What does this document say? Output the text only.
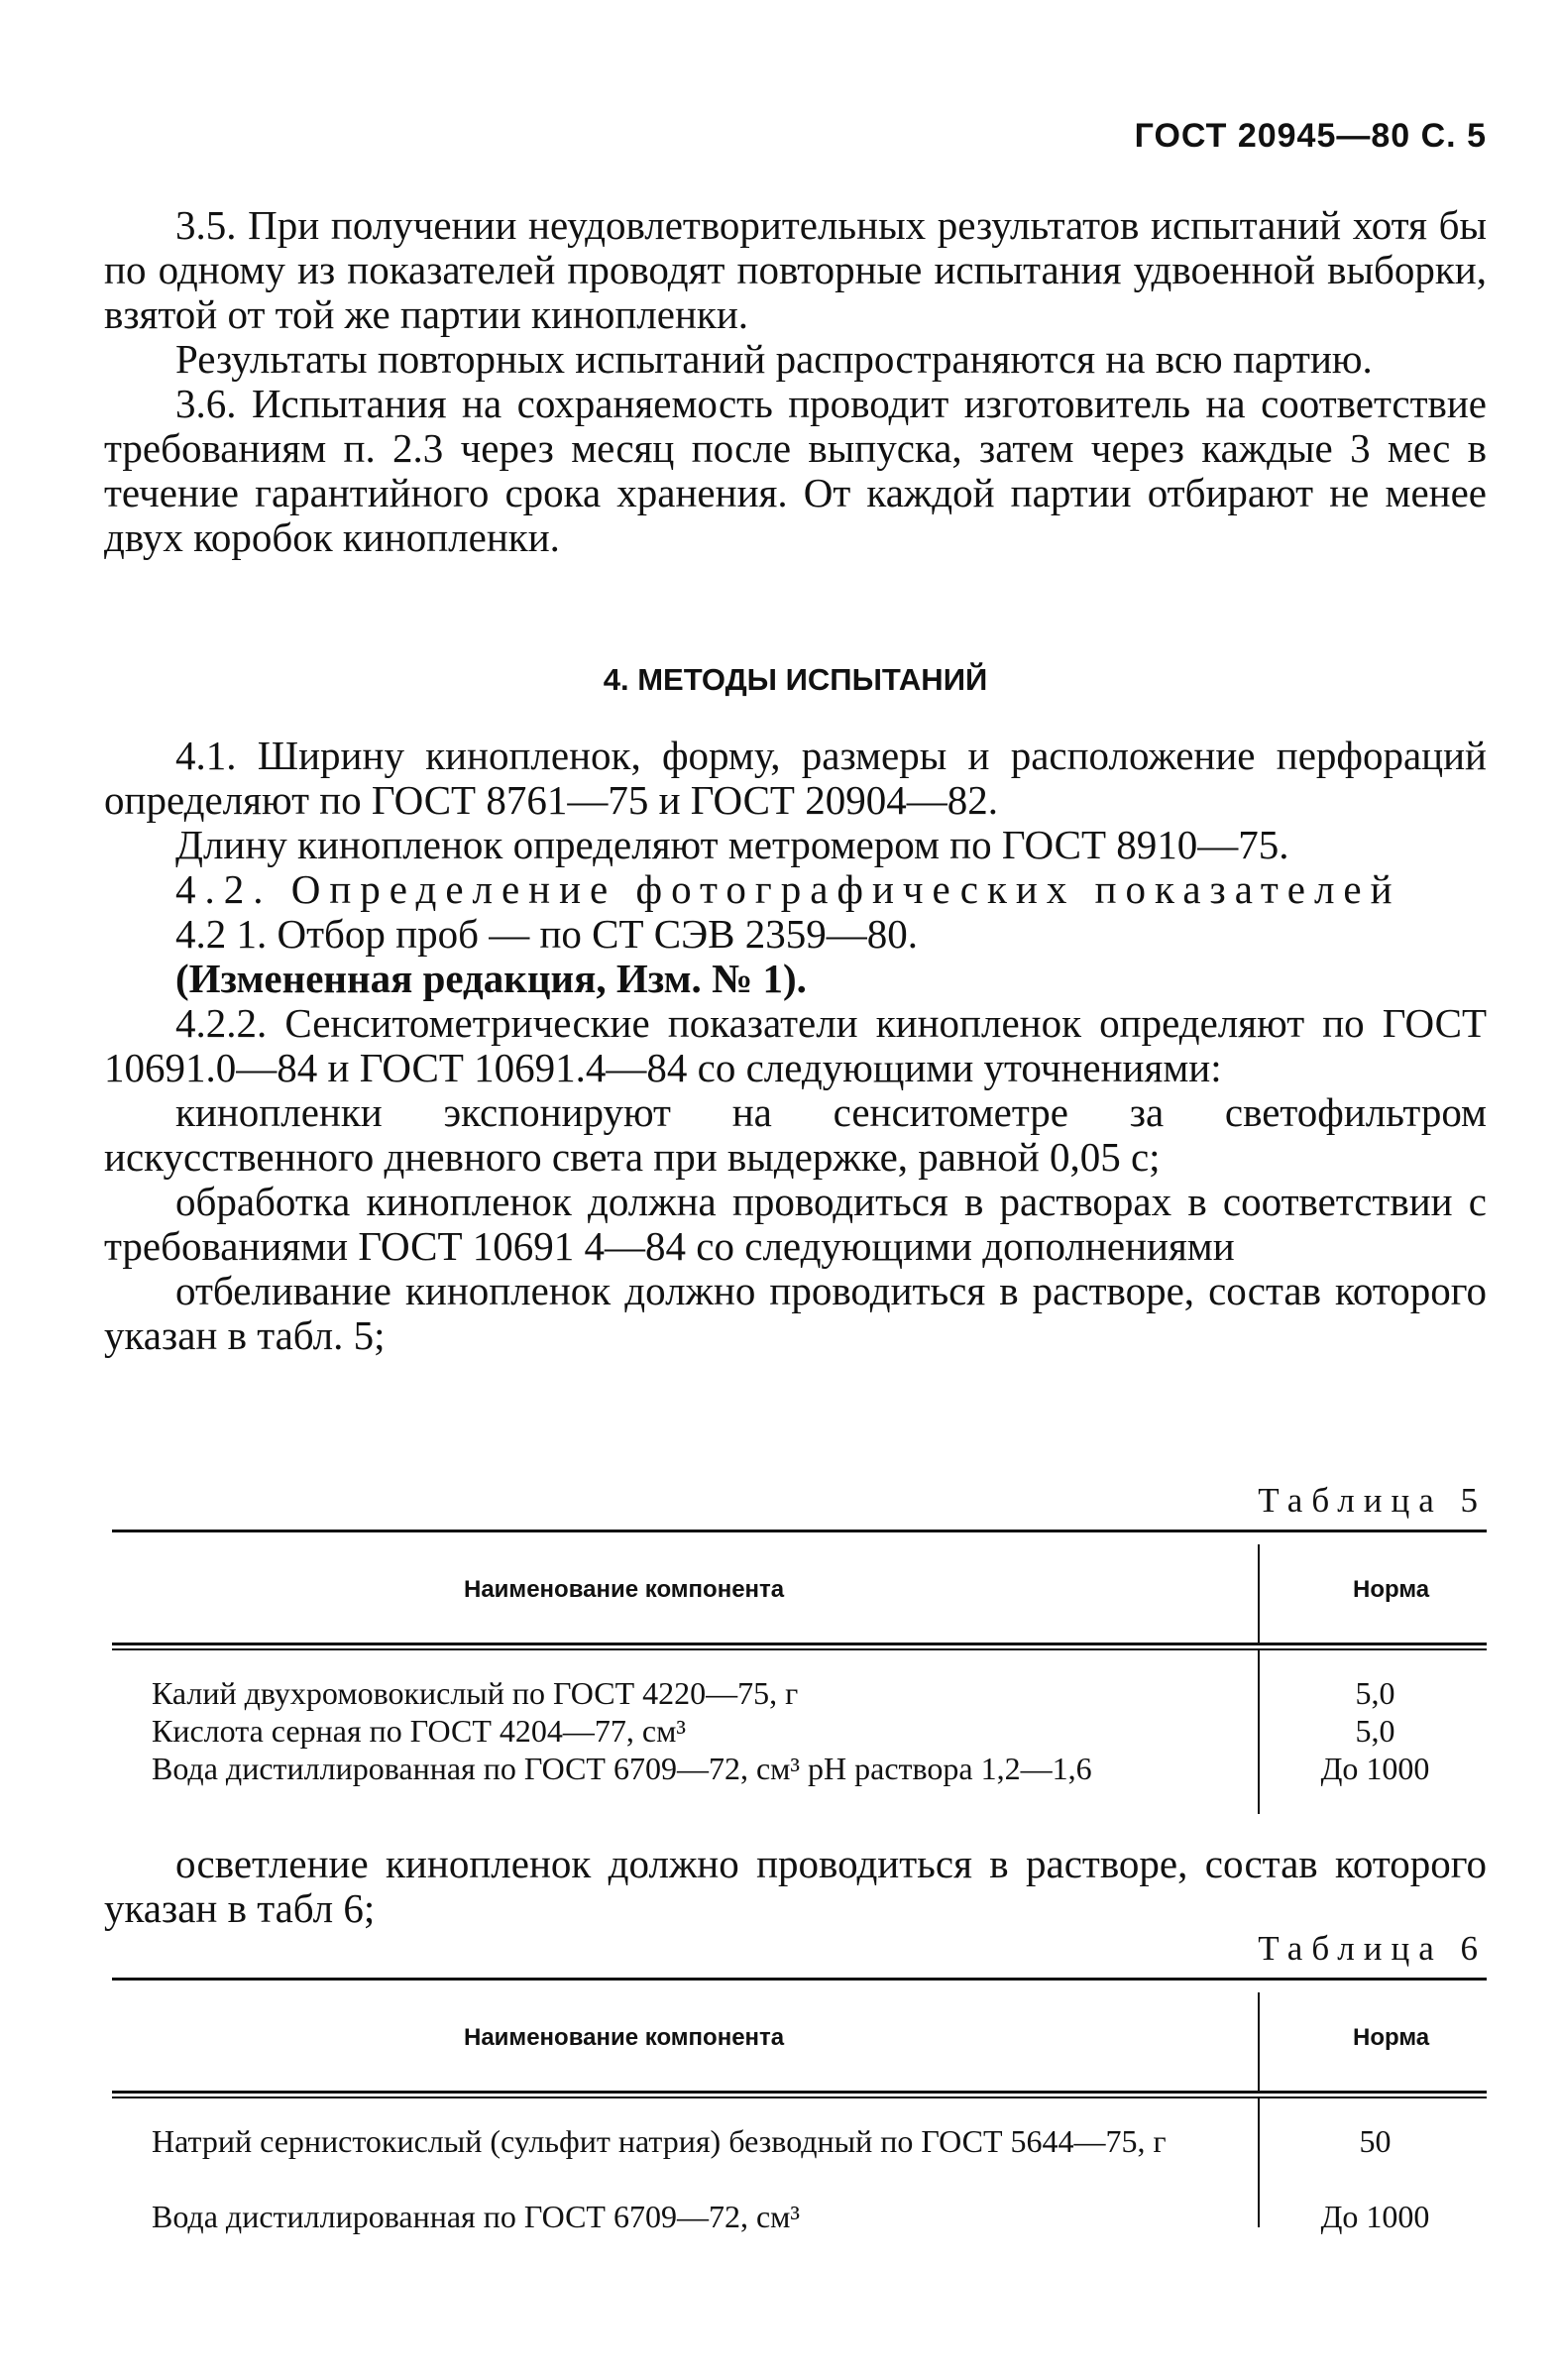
ГОСТ 20945—80 С. 5

3.5. При получении неудовлетворительных результатов испытаний хотя бы по одному из показателей проводят повторные испытания удвоенной выборки, взятой от той же партии кинопленки.

Результаты повторных испытаний распространяются на всю партию.

3.6. Испытания на сохраняемость проводит изготовитель на соответствие требованиям п. 2.3 через месяц после выпуска, затем через каждые 3 мес в течение гарантийного срока хранения. От каждой партии отбирают не менее двух коробок кинопленки.

4. МЕТОДЫ ИСПЫТАНИЙ

4.1. Ширину кинопленок, форму, размеры и расположение перфораций определяют по ГОСТ 8761—75 и ГОСТ 20904—82.

Длину кинопленок определяют метромером по ГОСТ 8910—75.

4.2. Определение фотографических показателей

4.2 1. Отбор проб — по СТ СЭВ 2359—80.

(Измененная редакция, Изм. № 1).

4.2.2. Сенситометрические показатели кинопленок определяют по ГОСТ 10691.0—84 и ГОСТ 10691.4—84 со следующими уточнениями:

кинопленки экспонируют на сенситометре за светофильтром искусственного дневного света при выдержке, равной 0,05 с;

обработка кинопленок должна проводиться в растворах в соответствии с требованиями ГОСТ 10691 4—84 со следующими дополнениями

отбеливание кинопленок должно проводиться в растворе, состав которого указан в табл. 5;

Таблица 5
Наименование компонента	Норма
Калий двухромовокислый по ГОСТ 4220—75, г	5,0
Кислота серная по ГОСТ 4204—77, см³	5,0
Вода дистиллированная по ГОСТ 6709—72, см³ рН раствора 1,2—1,6	До 1000

осветление кинопленок должно проводиться в растворе, состав которого указан в табл 6;

Таблица 6
Наименование компонента	Норма
Натрий сернистокислый (сульфит натрия) безводный по ГОСТ 5644—75, г	50
Вода дистиллированная по ГОСТ 6709—72, см³	До 1000
